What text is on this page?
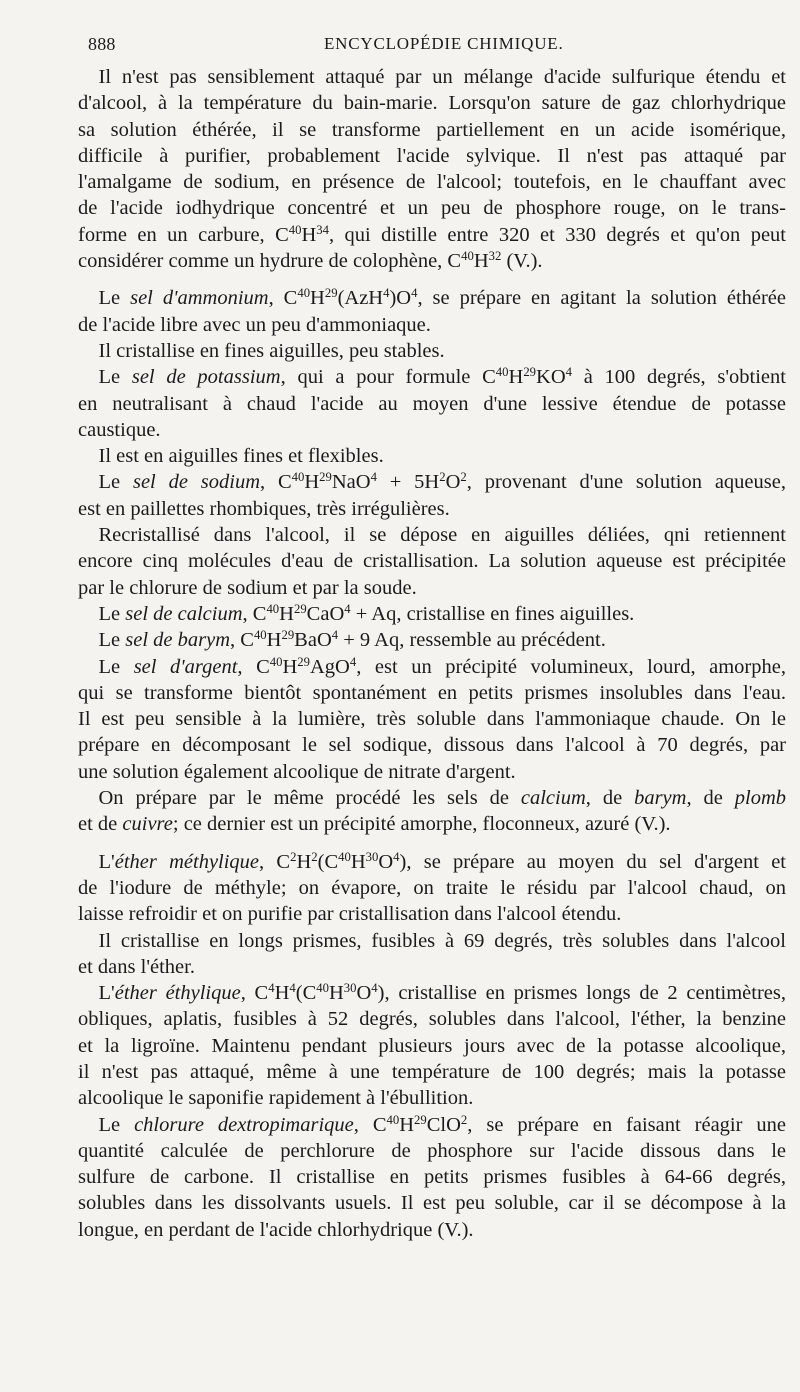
888	ENCYCLOPÉDIE CHIMIQUE.
 Il n'est pas sensiblement attaqué par un mélange d'acide sulfurique étendu et
d'alcool, à la température du bain-marie. Lorsqu'on sature de gaz chlorhydrique
sa solution éthérée, il se transforme partiellement en un acide isomérique,
difficile à purifier, probablement l'acide sylvique. Il n'est pas attaqué par
l'amalgame de sodium, en présence de l'alcool; toutefois, en le chauffant avec
de l'acide iodhydrique concentré et un peu de phosphore rouge, on le trans-
forme en un carbure, $C^{40}H^{34}$, qui distille entre 320 et 330 degrés et qu'on peut
considérer comme un hydrure de colophène, $C^{40}H^{32}$ (V.).
 Le sel d'ammonium, $C^{40}H^{29}(AzH^4)O^4$, se prépare en agitant la solution éthérée
de l'acide libre avec un peu d'ammoniaque.
 Il cristallise en fines aiguilles, peu stables.
 Le sel de potassium, qui a pour formule $C^{40}H^{29}KO^4$ à 100 degrés, s'obtient
en neutralisant à chaud l'acide au moyen d'une lessive étendue de potasse
caustique.
 Il est en aiguilles fines et flexibles.
 Le sel de sodium, $C^{40}H^{29}NaO^4 + 5H^2O^2$, provenant d'une solution aqueuse,
est en paillettes rhombiques, très irrégulières.
 Recristallisé dans l'alcool, il se dépose en aiguilles déliées, qni retiennent
encore cinq molécules d'eau de cristallisation. La solution aqueuse est précipitée
par le chlorure de sodium et par la soude.
 Le sel de calcium, $C^{40}H^{29}CaO^4 + Aq$, cristallise en fines aiguilles.
 Le sel de barym, $C^{40}H^{29}BaO^4 + 9$ Aq, ressemble au précédent.
 Le sel d'argent, $C^{40}H^{29}AgO^4$, est un précipité volumineux, lourd, amorphe,
qui se transforme bientôt spontanément en petits prismes insolubles dans l'eau.
Il est peu sensible à la lumière, très soluble dans l'ammoniaque chaude. On le
prépare en décomposant le sel sodique, dissous dans l'alcool à 70 degrés, par
une solution également alcoolique de nitrate d'argent.
 On prépare par le même procédé les sels de calcium, de barym, de plomb
et de cuivre; ce dernier est un précipité amorphe, floconneux, azuré (V.).
 L'éther méthylique, $C^2H^2(C^{40}H^{30}O^4)$, se prépare au moyen du sel d'argent et
de l'iodure de méthyle; on évapore, on traite le résidu par l'alcool chaud, on
laisse refroidir et on purifie par cristallisation dans l'alcool étendu.
 Il cristallise en longs prismes, fusibles à 69 degrés, très solubles dans l'alcool
et dans l'éther.
 L'éther éthylique, $C^4H^4(C^{40}H^{30}O^4)$, cristallise en prismes longs de 2 centimètres,
obliques, aplatis, fusibles à 52 degrés, solubles dans l'alcool, l'éther, la benzine
et la ligroïne. Maintenu pendant plusieurs jours avec de la potasse alcoolique,
il n'est pas attaqué, même à une température de 100 degrés; mais la potasse
alcoolique le saponifie rapidement à l'ébullition.
 Le chlorure dextropimarique, $C^{40}H^{29}ClO^2$, se prépare en faisant réagir une
quantité calculée de perchlorure de phosphore sur l'acide dissous dans le
sulfure de carbone. Il cristallise en petits prismes fusibles à 64-66 degrés,
solubles dans les dissolvants usuels. Il est peu soluble, car il se décompose à la
longue, en perdant de l'acide chlorhydrique (V.).
